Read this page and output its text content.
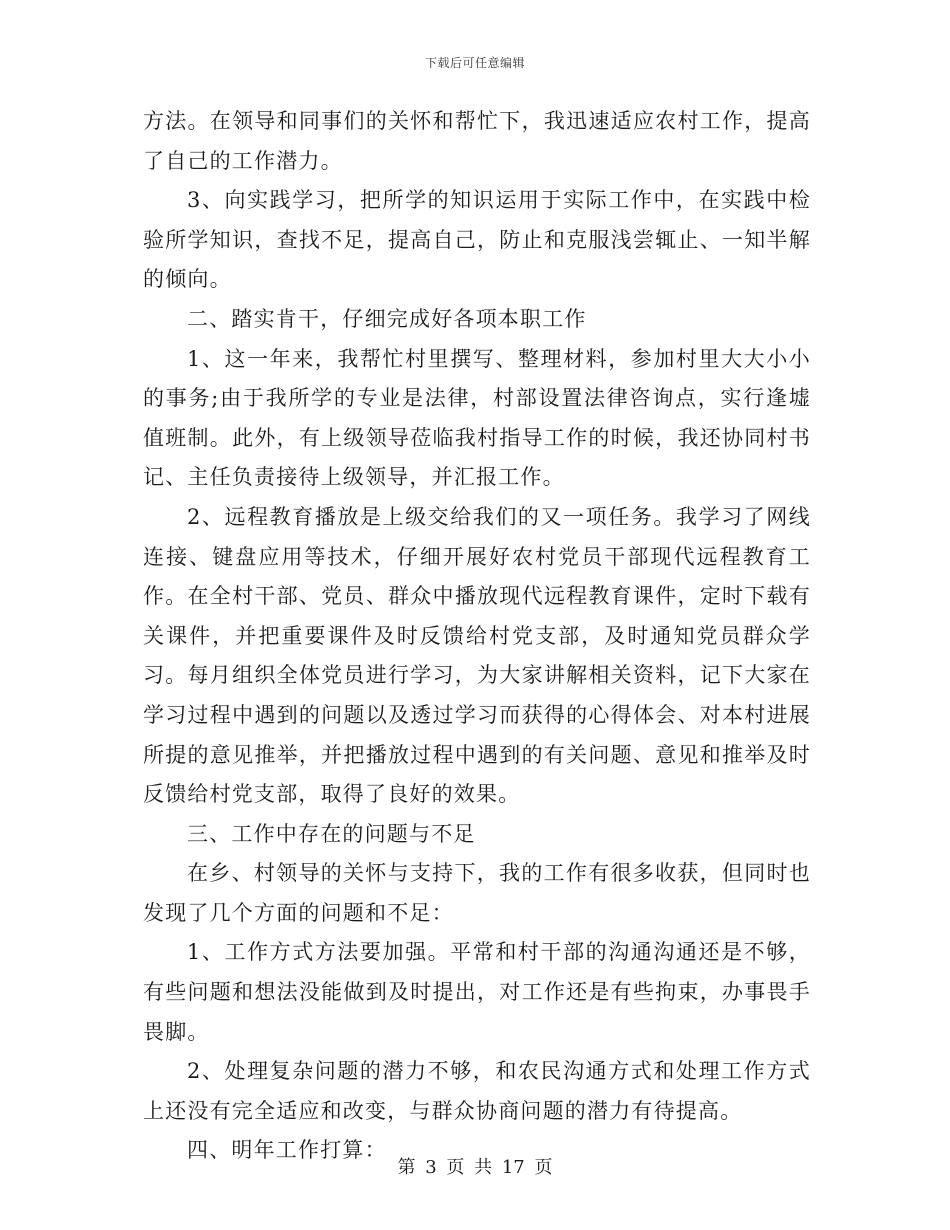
下载后可任意编辑

方法。在领导和同事们的关怀和帮忙下，我迅速适应农村工作，提高了自己的工作潜力。

3、向实践学习，把所学的知识运用于实际工作中，在实践中检验所学知识，查找不足，提高自己，防止和克服浅尝辄止、一知半解的倾向。

二、踏实肯干，仔细完成好各项本职工作

1、这一年来，我帮忙村里撰写、整理材料，参加村里大大小小的事务;由于我所学的专业是法律，村部设置法律咨询点，实行逢墟值班制。此外，有上级领导莅临我村指导工作的时候，我还协同村书记、主任负责接待上级领导，并汇报工作。

2、远程教育播放是上级交给我们的又一项任务。我学习了网线连接、键盘应用等技术，仔细开展好农村党员干部现代远程教育工作。在全村干部、党员、群众中播放现代远程教育课件，定时下载有关课件，并把重要课件及时反馈给村党支部，及时通知党员群众学习。每月组织全体党员进行学习，为大家讲解相关资料，记下大家在学习过程中遇到的问题以及透过学习而获得的心得体会、对本村进展所提的意见推举，并把播放过程中遇到的有关问题、意见和推举及时反馈给村党支部，取得了良好的效果。

三、工作中存在的问题与不足

在乡、村领导的关怀与支持下，我的工作有很多收获，但同时也发现了几个方面的问题和不足：

1、工作方式方法要加强。平常和村干部的沟通沟通还是不够，有些问题和想法没能做到及时提出，对工作还是有些拘束，办事畏手畏脚。

2、处理复杂问题的潜力不够，和农民沟通方式和处理工作方式上还没有完全适应和改变，与群众协商问题的潜力有待提高。

四、明年工作打算：

第 3 页 共 17 页
